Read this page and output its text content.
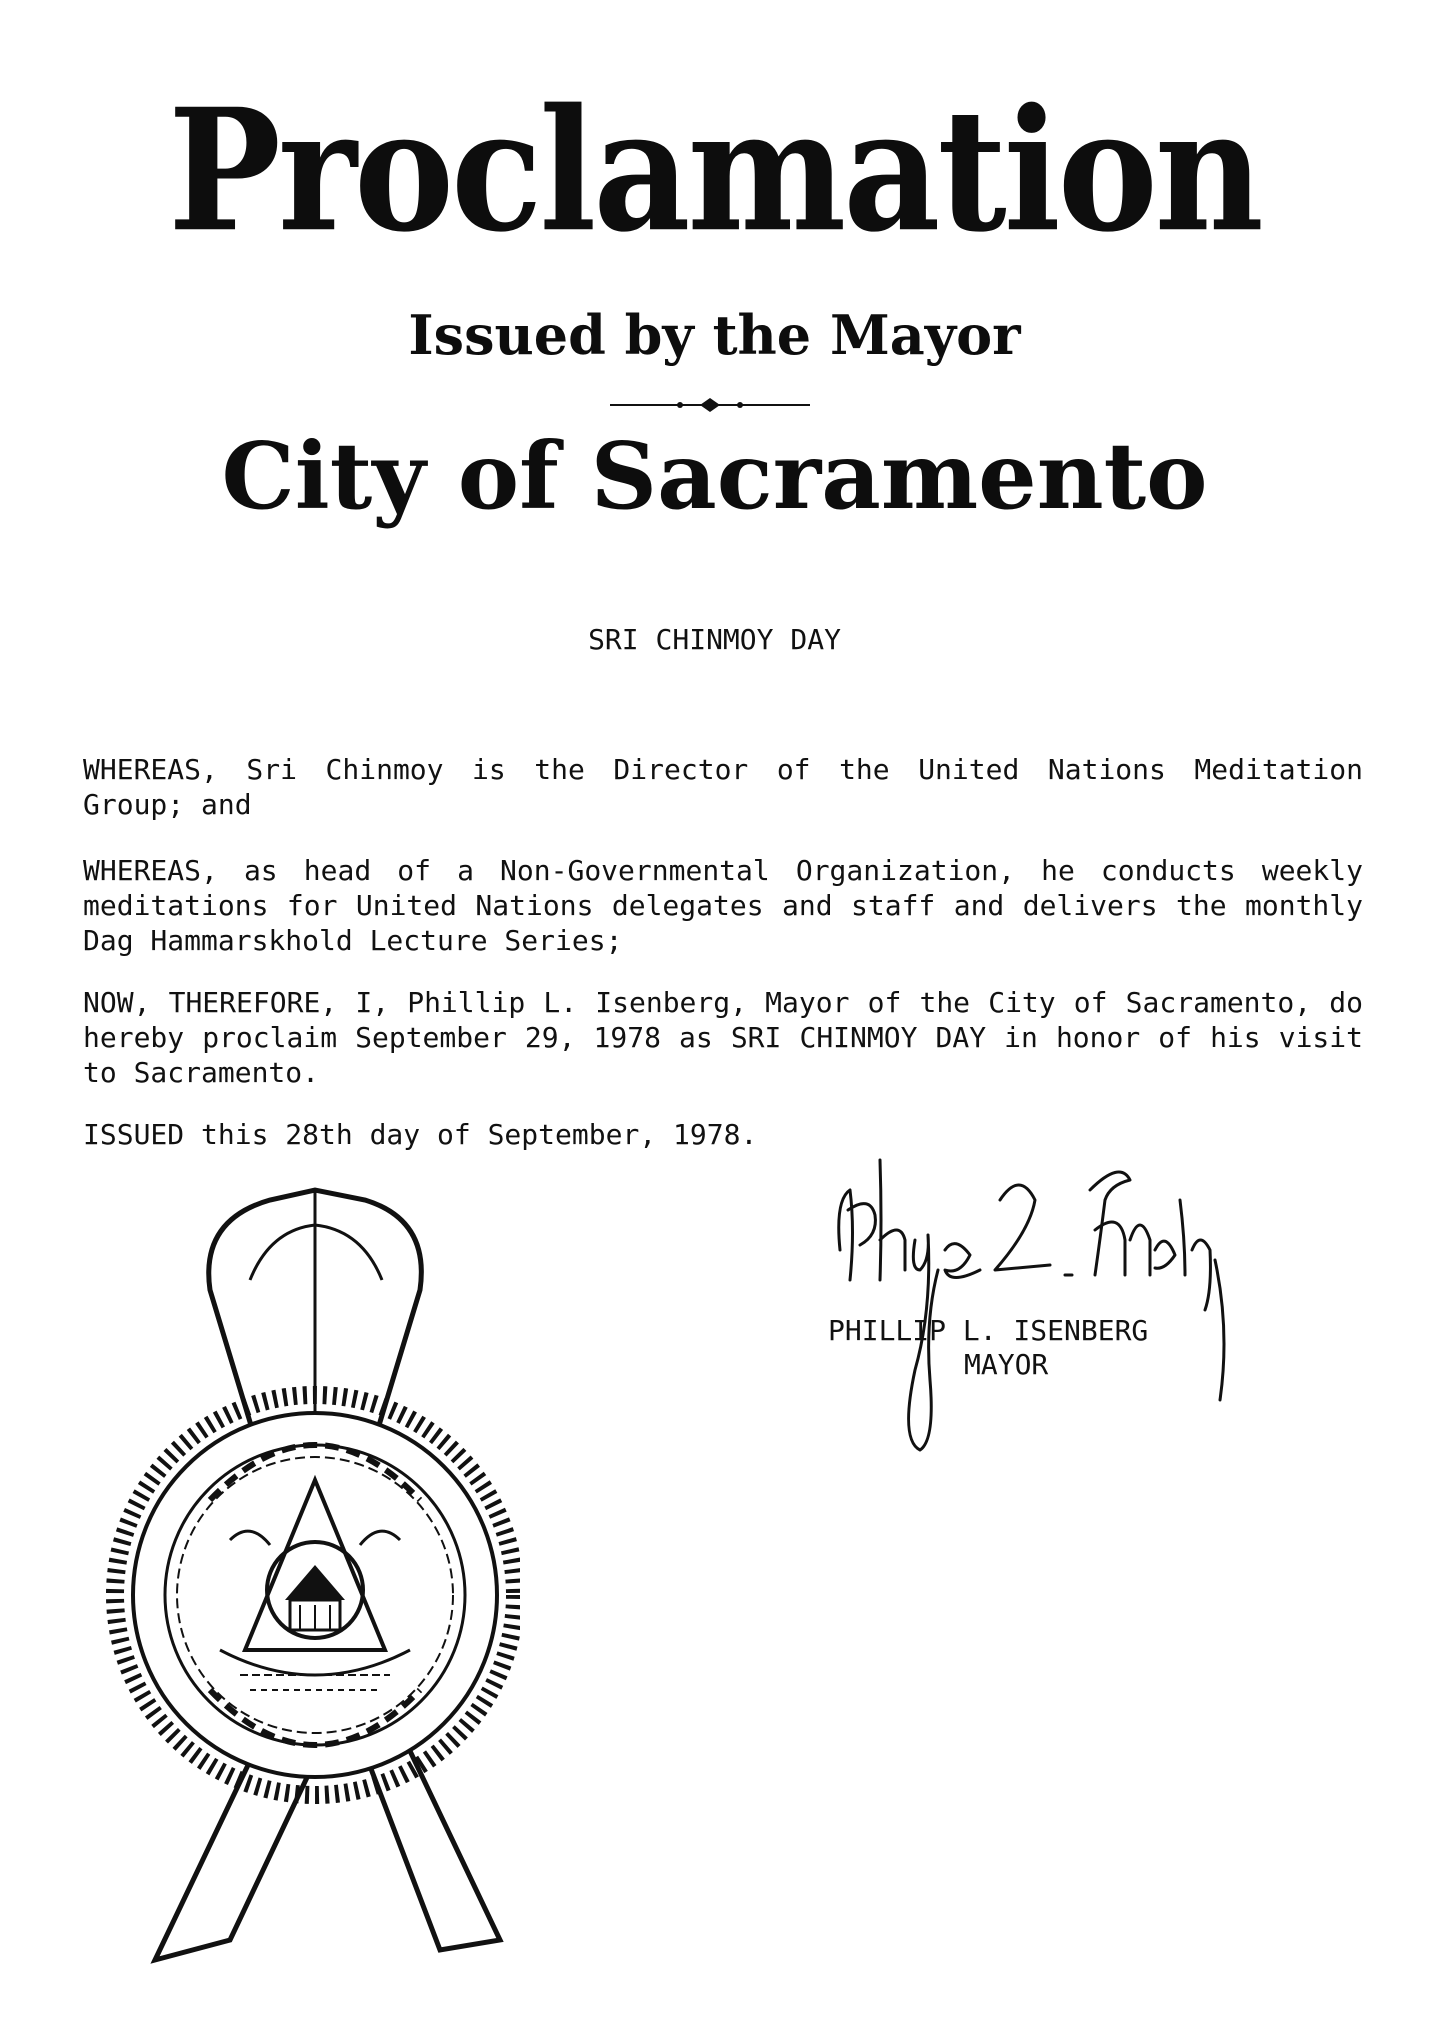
Proclamation
Issued by the Mayor
City of Sacramento

SRI CHINMOY DAY

WHEREAS, Sri Chinmoy is the Director of the United Nations Meditation Group; and

WHEREAS, as head of a Non-Governmental Organization, he conducts weekly meditations for United Nations delegates and staff and delivers the monthly Dag Hammarskhold Lecture Series;

NOW, THEREFORE, I, Phillip L. Isenberg, Mayor of the City of Sacramento, do hereby proclaim September 29, 1978 as SRI CHINMOY DAY in honor of his visit to Sacramento.

ISSUED this 28th day of September, 1978.

PHILLIP L. ISENBERG

MAYOR
